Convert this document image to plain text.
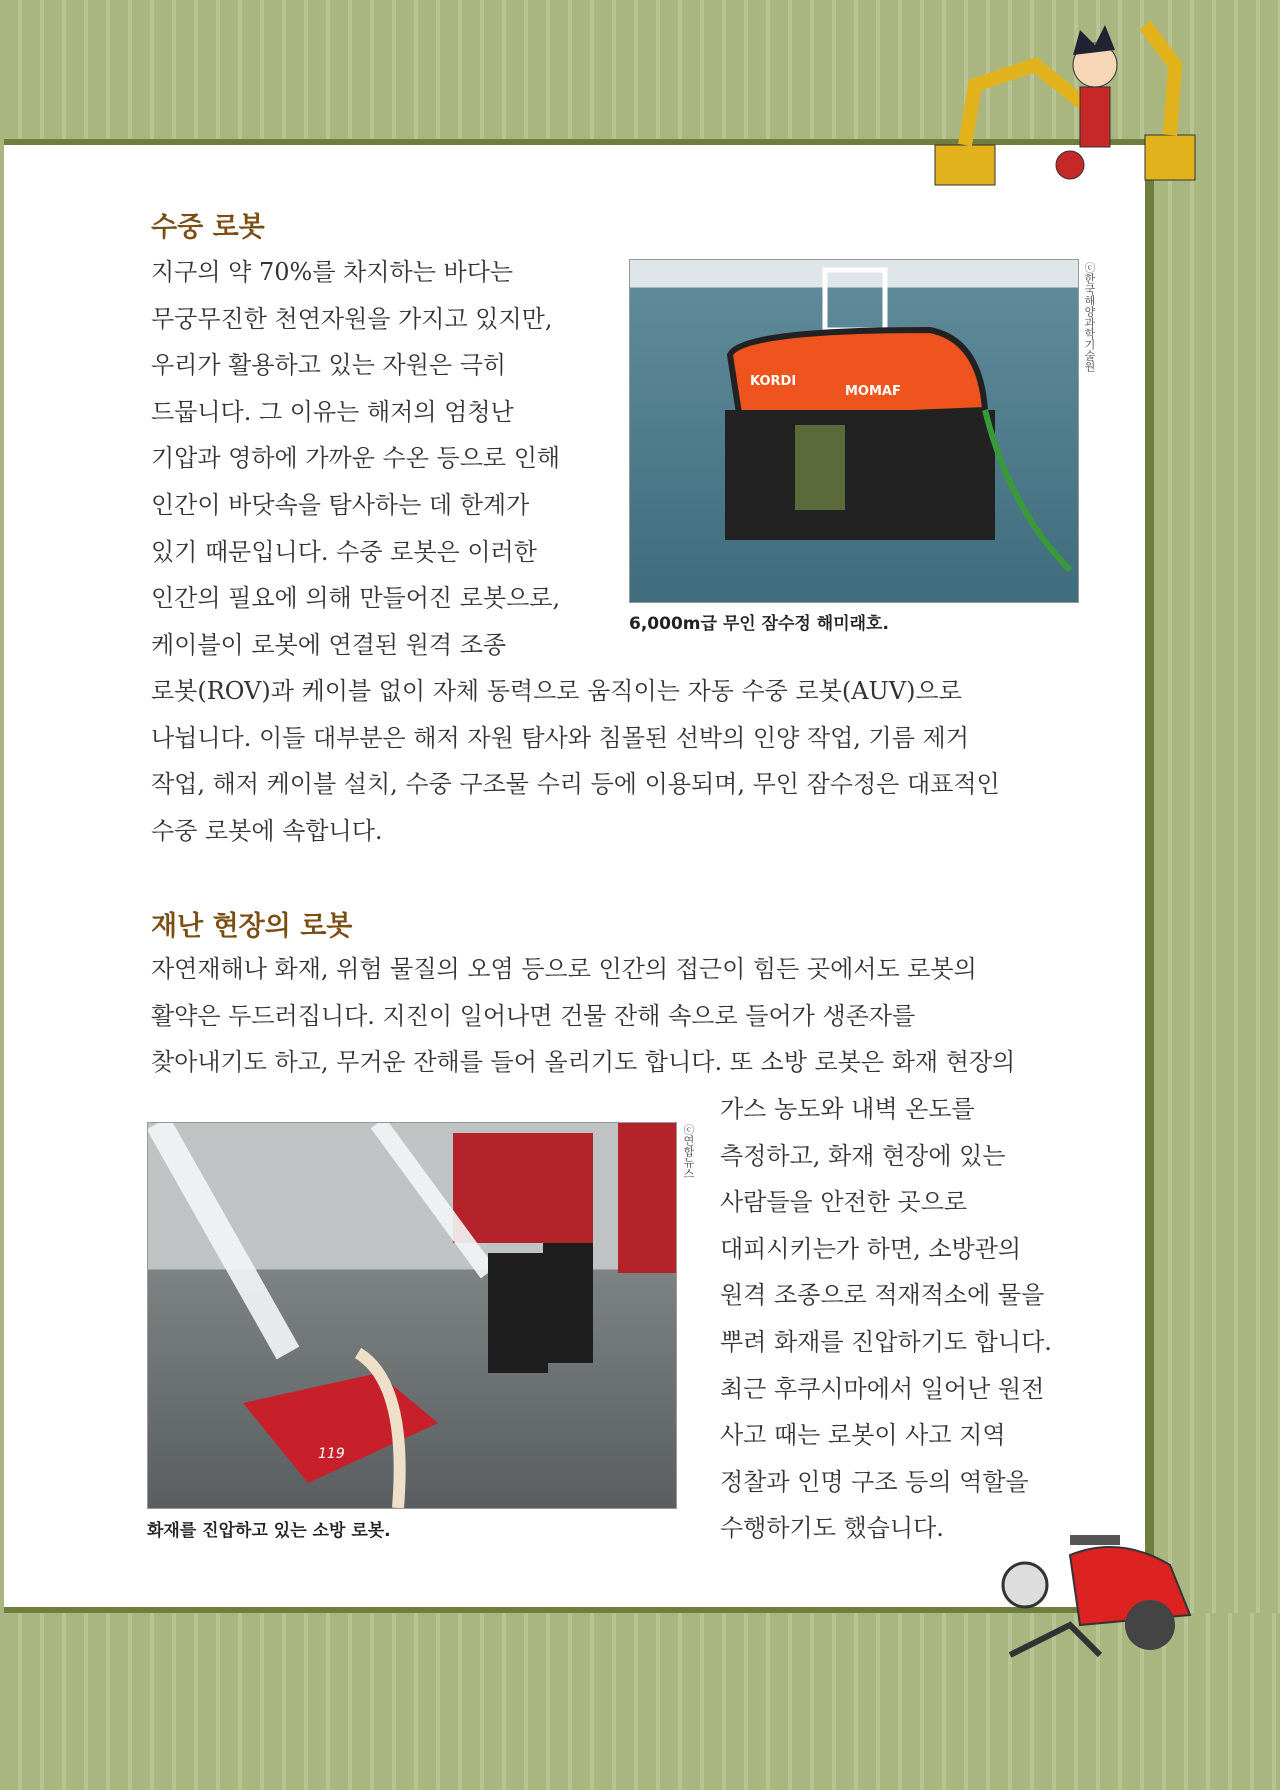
수중 로봇
지구의 약 70%를 차지하는 바다는
무궁무진한 천연자원을 가지고 있지만,
우리가 활용하고 있는 자원은 극히
드뭅니다. 그 이유는 해저의 엄청난
기압과 영하에 가까운 수온 등으로 인해
인간이 바닷속을 탐사하는 데 한계가
있기 때문입니다. 수중 로봇은 이러한
인간의 필요에 의해 만들어진 로봇으로,
케이블이 로봇에 연결된 원격 조종
로봇(ROV)과 케이블 없이 자체 동력으로 움직이는 자동 수중 로봇(AUV)으로
나뉩니다. 이들 대부분은 해저 자원 탐사와 침몰된 선박의 인양 작업, 기름 제거
작업, 해저 케이블 설치, 수중 구조물 수리 등에 이용되며, 무인 잠수정은 대표적인
수중 로봇에 속합니다.
KORDI
MOMAF
ⓒ한국해양과학기술원
6,000m급 무인 잠수정 해미래호.
재난 현장의 로봇
자연재해나 화재, 위험 물질의 오염 등으로 인간의 접근이 힘든 곳에서도 로봇의
활약은 두드러집니다. 지진이 일어나면 건물 잔해 속으로 들어가 생존자를
찾아내기도 하고, 무거운 잔해를 들어 올리기도 합니다. 또 소방 로봇은 화재 현장의
가스 농도와 내벽 온도를
측정하고, 화재 현장에 있는
사람들을 안전한 곳으로
대피시키는가 하면, 소방관의
원격 조종으로 적재적소에 물을
뿌려 화재를 진압하기도 합니다.
최근 후쿠시마에서 일어난 원전
사고 때는 로봇이 사고 지역
정찰과 인명 구조 등의 역할을
수행하기도 했습니다.
119
ⓒ연합뉴스
화재를 진압하고 있는 소방 로봇.
